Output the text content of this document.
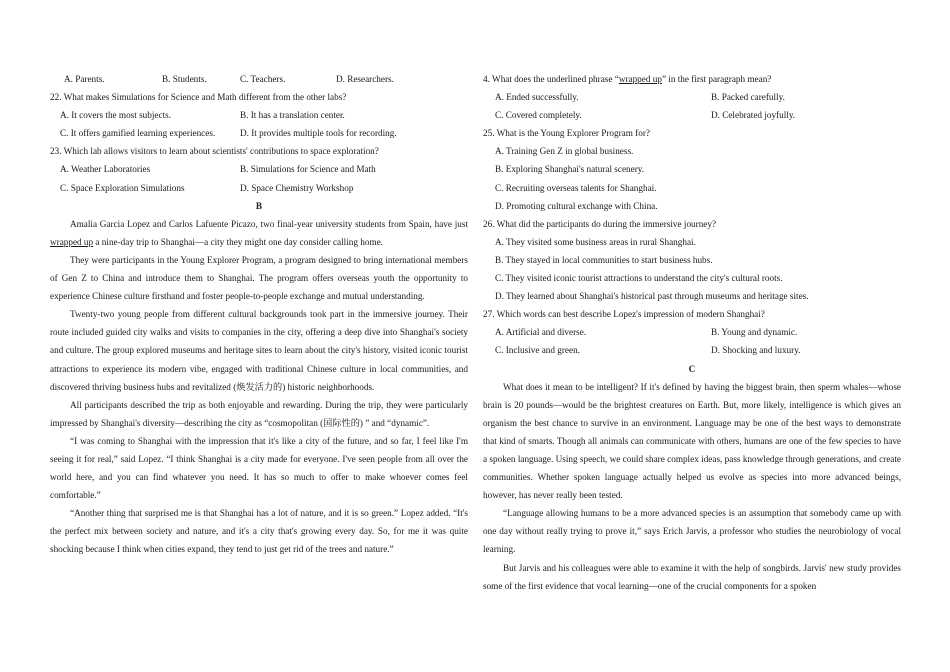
A. Parents.	B. Students.	C. Teachers.	D. Researchers.
22. What makes Simulations for Science and Math different from the other labs?
A. It covers the most subjects.	B. It has a translation center.
C. It offers gamified learning experiences.	D. It provides multiple tools for recording.
23. Which lab allows visitors to learn about scientists' contributions to space exploration?
A. Weather Laboratories	B. Simulations for Science and Math
C. Space Exploration Simulations	D. Space Chemistry Workshop
B
Amalia Garcia Lopez and Carlos Lafuente Picazo, two final-year university students from Spain, have just wrapped up a nine-day trip to Shanghai—a city they might one day consider calling home.
They were participants in the Young Explorer Program, a program designed to bring international members of Gen Z to China and introduce them to Shanghai. The program offers overseas youth the opportunity to experience Chinese culture firsthand and foster people-to-people exchange and mutual understanding.
Twenty-two young people from different cultural backgrounds took part in the immersive journey. Their route included guided city walks and visits to companies in the city, offering a deep dive into Shanghai's society and culture. The group explored museums and heritage sites to learn about the city's history, visited iconic tourist attractions to experience its modern vibe, engaged with traditional Chinese culture in local communities, and discovered thriving business hubs and revitalized (焕发活力的) historic neighborhoods.
All participants described the trip as both enjoyable and rewarding. During the trip, they were particularly impressed by Shanghai's diversity—describing the city as “cosmopolitan (国际性的) ” and “dynamic”.
“I was coming to Shanghai with the impression that it's like a city of the future, and so far, I feel like I'm seeing it for real,” said Lopez. “I think Shanghai is a city made for everyone. I've seen people from all over the world here, and you can find whatever you need. It has so much to offer to make whoever comes feel comfortable.”
“Another thing that surprised me is that Shanghai has a lot of nature, and it is so green.” Lopez added. “It's the perfect mix between society and nature, and it's a city that's growing every day. So, for me it was quite shocking because I think when cities expand, they tend to just get rid of the trees and nature.”
4. What does the underlined phrase “wrapped up” in the first paragraph mean?
A. Ended successfully.	B. Packed carefully.
C. Covered completely.	D. Celebrated joyfully.
25. What is the Young Explorer Program for?
A. Training Gen Z in global business.
B. Exploring Shanghai's natural scenery.
C. Recruiting overseas talents for Shanghai.
D. Promoting cultural exchange with China.
26. What did the participants do during the immersive journey?
A. They visited some business areas in rural Shanghai.
B. They stayed in local communities to start business hubs.
C. They visited iconic tourist attractions to understand the city's cultural roots.
D. They learned about Shanghai's historical past through museums and heritage sites.
27. Which words can best describe Lopez's impression of modern Shanghai?
A. Artificial and diverse.	B. Young and dynamic.
C. Inclusive and green.	D. Shocking and luxury.
C
What does it mean to be intelligent? If it's defined by having the biggest brain, then sperm whales—whose brain is 20 pounds—would be the brightest creatures on Earth. But, more likely, intelligence is which gives an organism the best chance to survive in an environment. Language may be one of the best ways to demonstrate that kind of smarts. Though all animals can communicate with others, humans are one of the few species to have a spoken language. Using speech, we could share complex ideas, pass knowledge through generations, and create communities. Whether spoken language actually helped us evolve as species into more advanced beings, however, has never really been tested.
“Language allowing humans to be a more advanced species is an assumption that somebody came up with one day without really trying to prove it,” says Erich Jarvis, a professor who studies the neurobiology of vocal learning.
But Jarvis and his colleagues were able to examine it with the help of songbirds. Jarvis' new study provides some of the first evidence that vocal learning—one of the crucial components for a spoken
